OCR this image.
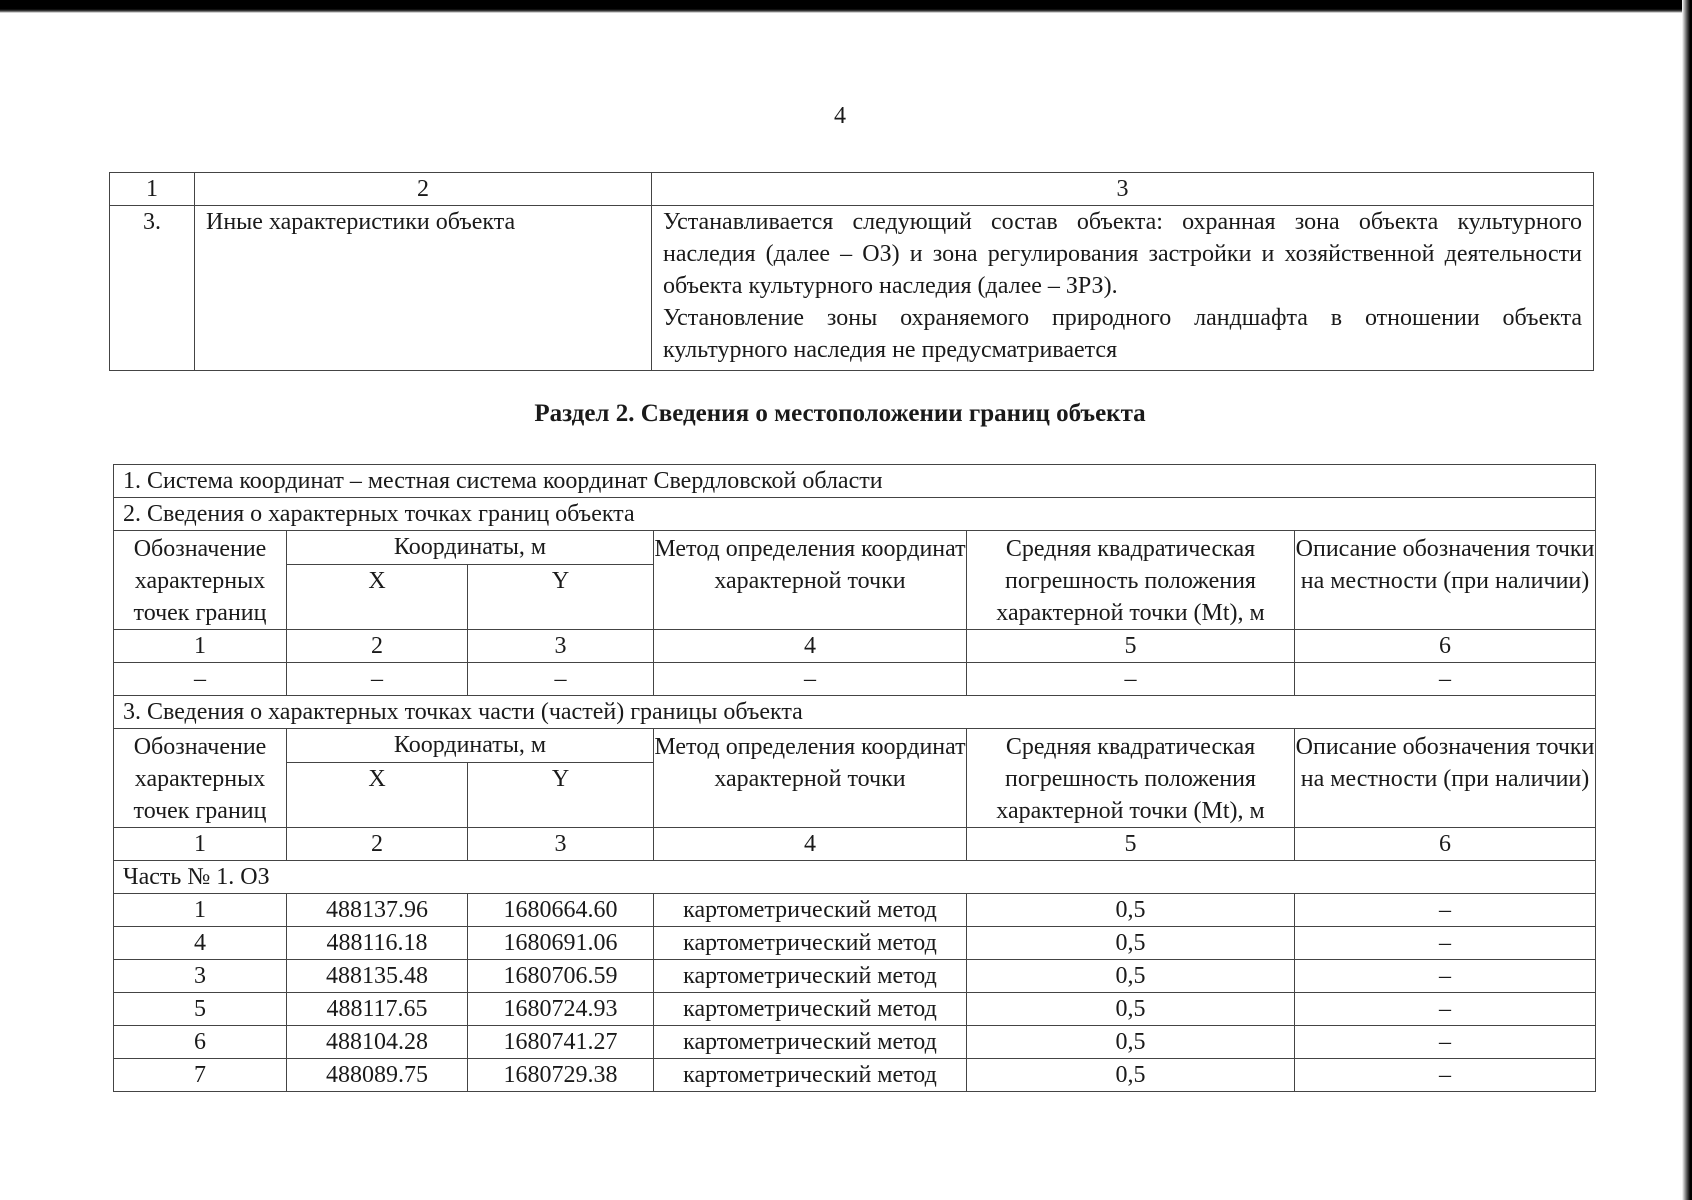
4
1	2	3
3.	Иные характеристики объекта	Устанавливается следующий состав объекта: охранная зона объекта культурного наследия (далее – ОЗ) и зона регулирования застройки и хозяйственной деятельности объекта культурного наследия (далее – ЗРЗ).

Установление зоны охраняемого природного ландшафта в отношении объекта культурного наследия не предусматривается

Раздел 2. Сведения о местоположении границ объекта
1. Система координат – местная система координат Свердловской области					
2. Сведения о характерных точках границ объекта					
Обозначение характерных точек границ	Координаты, м		Метод определения координат характерной точки	Средняя квадратическая погрешность положения характерной точки (Mt), м	Описание обозначения точки на местности (при наличии)
	X	Y			
1	2	3	4	5	6
–	–	–	–	–	–
3. Сведения о характерных точках части (частей) границы объекта					
Обозначение характерных точек границ	Координаты, м		Метод определения координат характерной точки	Средняя квадратическая погрешность положения характерной точки (Mt), м	Описание обозначения точки на местности (при наличии)
	X	Y			
1	2	3	4	5	6
Часть № 1. ОЗ					
1	488137.96	1680664.60	картометрический метод	0,5	–
4	488116.18	1680691.06	картометрический метод	0,5	–
3	488135.48	1680706.59	картометрический метод	0,5	–
5	488117.65	1680724.93	картометрический метод	0,5	–
6	488104.28	1680741.27	картометрический метод	0,5	–
7	488089.75	1680729.38	картометрический метод	0,5	–
